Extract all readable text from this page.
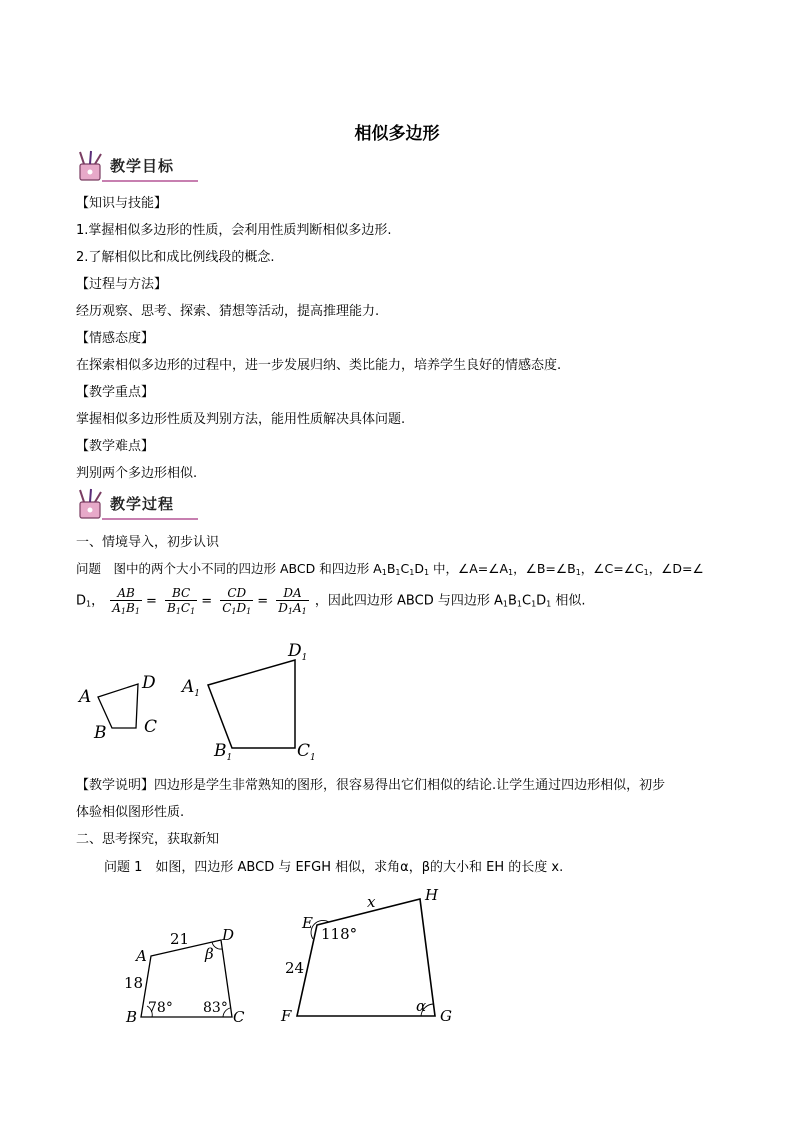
相似多边形
教学目标
【知识与技能】
1.掌握相似多边形的性质，会利用性质判断相似多边形.
2.了解相似比和成比例线段的概念.
【过程与方法】
经历观察、思考、探索、猜想等活动，提高推理能力.
【情感态度】
在探索相似多边形的过程中，进一步发展归纳、类比能力，培养学生良好的情感态度.
【教学重点】
掌握相似多边形性质及判别方法，能用性质解决具体问题.
【教学难点】
判别两个多边形相似.
教学过程
一、情境导入，初步认识
问题　图中的两个大小不同的四边形 ABCD 和四边形 $A_1B_1C_1D_1$ 中，$\angle A=\angle A_1$，$\angle B=\angle B_1$，$\angle C=\angle C_1$，∠D=∠
$D_1$， $\frac{AB}{A_1B_1} = \frac{BC}{B_1C_1} = \frac{CD}{C_1D_1} = \frac{DA}{D_1A_1}$ ，因此四边形 ABCD 与四边形 $A_1B_1C_1D_1$ 相似.
A
B C
D $A_1$
$B_1$	$C_1$
$D_1$
【教学说明】四边形是学生非常熟知的图形，很容易得出它们相似的结论.让学生通过四边形相似，初步
体验相似图形性质.
二、思考探究，获取新知
问题 1　如图，四边形 ABCD 与 EFGH 相似，求角α，β的大小和 EH 的长度 x.
A
B	C
D
21
18
78° 83°
β
E
F	G
H
x
24
118°
α
